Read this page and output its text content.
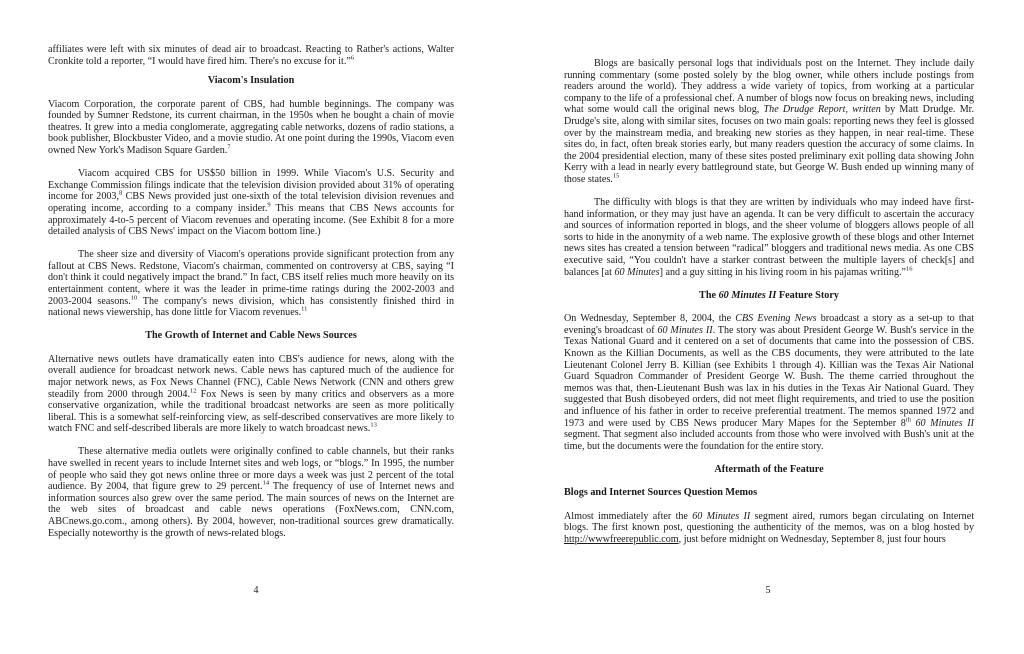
affiliates were left with six minutes of dead air to broadcast. Reacting to Rather's actions, Walter Cronkite told a reporter, “I would have fired him. There's no excuse for it.”$^6$

Viacom's Insulation

Viacom Corporation, the corporate parent of CBS, had humble beginnings. The company was founded by Sumner Redstone, its current chairman, in the 1950s when he bought a chain of movie theatres. It grew into a media conglomerate, aggregating cable networks, dozens of radio stations, a book publisher, Blockbuster Video, and a movie studio. At one point during the 1990s, Viacom even owned New York's Madison Square Garden.$^7$

Viacom acquired CBS for US$50 billion in 1999. While Viacom's U.S. Security and Exchange Commission filings indicate that the television division provided about 31% of operating income for 2003,$^8$ CBS News provided just one-sixth of the total television division revenues and operating income, according to a company insider.$^9$ This means that CBS News accounts for approximately 4-to-5 percent of Viacom revenues and operating income. (See Exhibit 8 for a more detailed analysis of CBS News' impact on the Viacom bottom line.)

The sheer size and diversity of Viacom's operations provide significant protection from any fallout at CBS News. Redstone, Viacom's chairman, commented on controversy at CBS, saying “I don't think it could negatively impact the brand.” In fact, CBS itself relies much more heavily on its entertainment content, where it was the leader in prime-time ratings during the 2002-2003 and 2003-2004 seasons.$^{10}$ The company's news division, which has consistently finished third in national news viewership, has done little for Viacom revenues.$^{11}$

The Growth of Internet and Cable News Sources

Alternative news outlets have dramatically eaten into CBS's audience for news, along with the overall audience for broadcast network news. Cable news has captured much of the audience for major network news, as Fox News Channel (FNC), Cable News Network (CNN and others grew steadily from 2000 through 2004.12 Fox News is seen by many critics and observers as a more conservative organization, while the traditional broadcast networks are seen as more politically liberal. This is a somewhat self-reinforcing view, as self-described conservatives are more likely to watch FNC and self-described liberals are more likely to watch broadcast news.$^{13}$

These alternative media outlets were originally confined to cable channels, but their ranks have swelled in recent years to include Internet sites and web logs, or “blogs.” In 1995, the number of people who said they got news online three or more days a week was just 2 percent of the total audience. By 2004, that figure grew to 29 percent.$^{14}$ The frequency of use of Internet news and information sources also grew over the same period. The main sources of news on the Internet are the web sites of broadcast and cable news operations (FoxNews.com, CNN.com, ABCnews.go.com., among others). By 2004, however, non-traditional sources grew dramatically. Especially noteworthy is the growth of news-related blogs.

4

Blogs are basically personal logs that individuals post on the Internet. They include daily running commentary (some posted solely by the blog owner, while others include postings from readers around the world). They address a wide variety of topics, from working at a particular company to the life of a professional chef. A number of blogs now focus on breaking news, including what some would call the original news blog, The Drudge Report, written by Matt Drudge. Mr. Drudge's site, along with similar sites, focuses on two main goals: reporting news they feel is glossed over by the mainstream media, and breaking new stories as they happen, in near real-time. These sites do, in fact, often break stories early, but many readers question the accuracy of some claims. In the 2004 presidential election, many of these sites posted preliminary exit polling data showing John Kerry with a lead in nearly every battleground state, but George W. Bush ended up winning many of those states.$^{15}$

The difficulty with blogs is that they are written by individuals who may indeed have first-hand information, or they may just have an agenda. It can be very difficult to ascertain the accuracy and sources of information reported in blogs, and the sheer volume of bloggers allows people of all sorts to hide in the anonymity of a web name. The explosive growth of these blogs and other Internet news sites has created a tension between “radical” bloggers and traditional news media. As one CBS executive said, “You couldn't have a starker contrast between the multiple layers of check[s] and balances [at 60 Minutes] and a guy sitting in his living room in his pajamas writing.”$^{16}$

The 60 Minutes II Feature Story

On Wednesday, September 8, 2004, the CBS Evening News broadcast a story as a set-up to that evening's broadcast of 60 Minutes II. The story was about President George W. Bush's service in the Texas National Guard and it centered on a set of documents that came into the possession of CBS. Known as the Killian Documents, as well as the CBS documents, they were attributed to the late Lieutenant Colonel Jerry B. Killian (see Exhibits 1 through 4). Killian was the Texas Air National Guard Squadron Commander of President George W. Bush. The theme carried throughout the memos was that, then-Lieutenant Bush was lax in his duties in the Texas Air National Guard. They suggested that Bush disobeyed orders, did not meet flight requirements, and tried to use the position and influence of his father in order to receive preferential treatment. The memos spanned 1972 and 1973 and were used by CBS News producer Mary Mapes for the September 8th 60 Minutes II segment. That segment also included accounts from those who were involved with Bush's unit at the time, but the documents were the foundation for the entire story.

Aftermath of the Feature
Blogs and Internet Sources Question Memos

Almost immediately after the 60 Minutes II segment aired, rumors began circulating on Internet blogs. The first known post, questioning the authenticity of the memos, was on a blog hosted by http://wwwfreerepublic.com, just before midnight on Wednesday, September 8, just four hours

5
